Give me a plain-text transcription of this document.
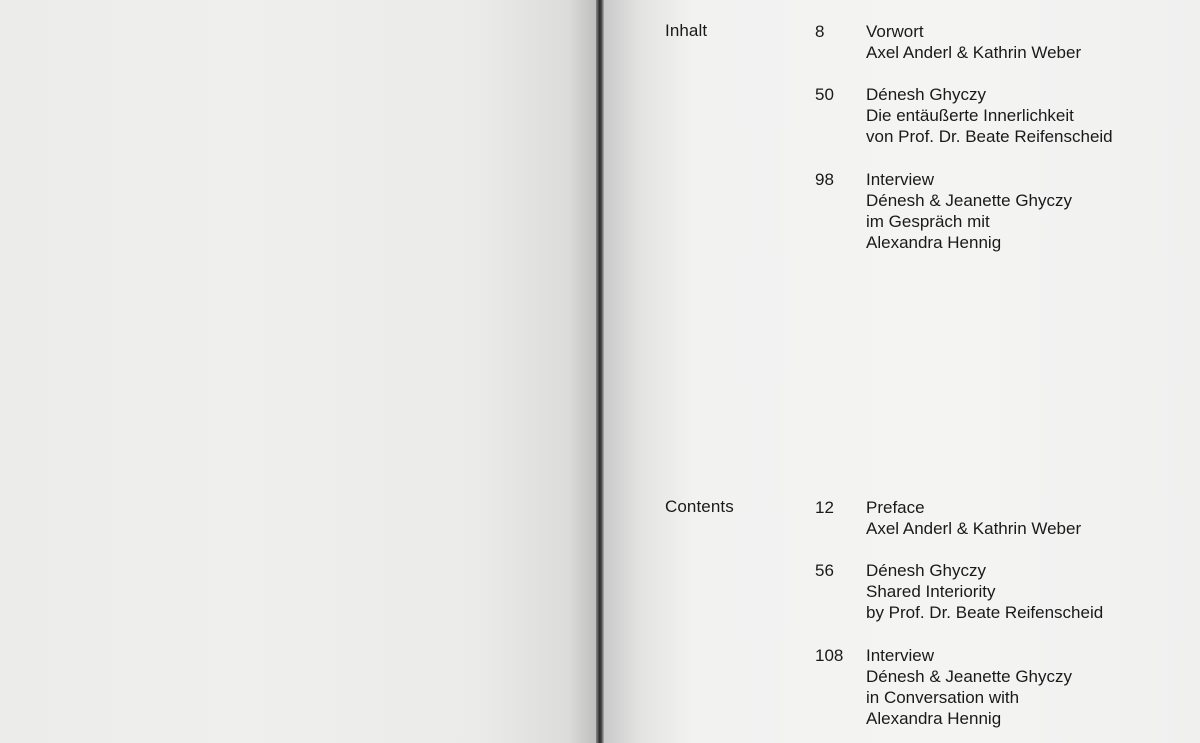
Inhalt	8	Vorwort
Axel Anderl & Kathrin Weber
50	Dénesh Ghyczy
Die entäußerte Innerlichkeit
von Prof. Dr. Beate Reifenscheid
98	Interview
Dénesh & Jeanette Ghyczy
im Gespräch mit
Alexandra Hennig
Contents	12	Preface
Axel Anderl & Kathrin Weber
56	Dénesh Ghyczy
Shared Interiority
by Prof. Dr. Beate Reifenscheid
108	Interview
Dénesh & Jeanette Ghyczy
in Conversation with
Alexandra Hennig
